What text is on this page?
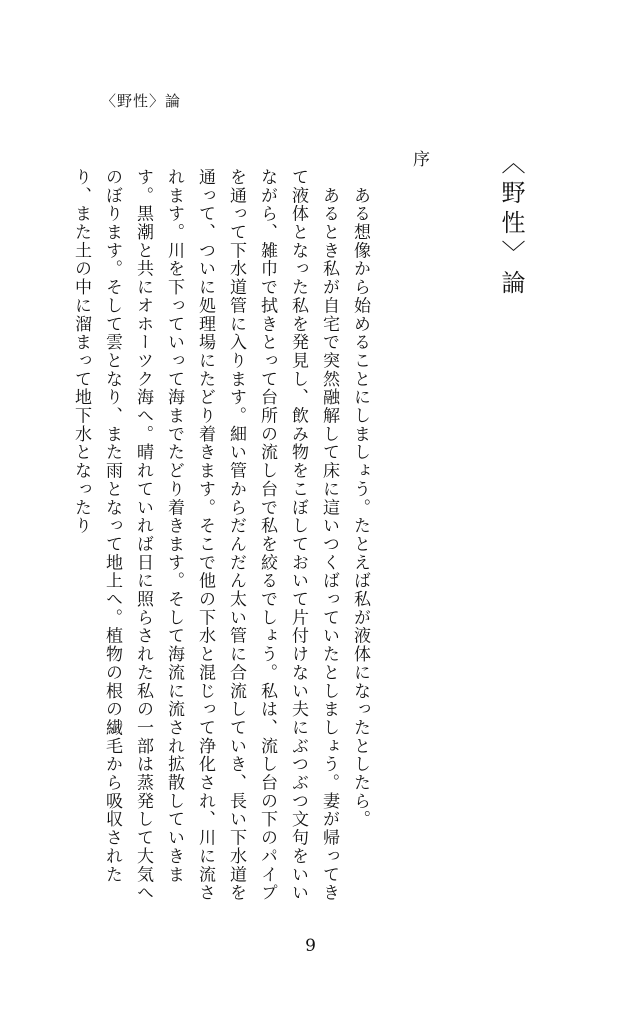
〈野性〉論
〈野性〉論
序

　ある想像から始めることにしましょう。たとえば私が液体になったとしたら。

　あるとき私が自宅で突然融解して床に這いつくばっていたとしましょう。妻が帰ってきて液体となった私を発見し、飲み物をこぼしておいて片付けない夫にぶつぶつ文句をいいながら、雑巾で拭きとって台所の流し台で私を絞るでしょう。私は、流し台の下のパイプを通って下水道管に入ります。細い管からだんだん太い管に合流していき、長い下水道を通って、ついに処理場にたどり着きます。そこで他の下水と混じって浄化され、川に流されます。川を下っていって海までたどり着きます。そして海流に流され拡散していきます。黒潮と共にオホーツク海へ。晴れていれば日に照らされた私の一部は蒸発して大気へのぼります。そして雲となり、また雨となって地上へ。植物の根の繊毛から吸収されたり、また土の中に溜まって地下水となったり

9
